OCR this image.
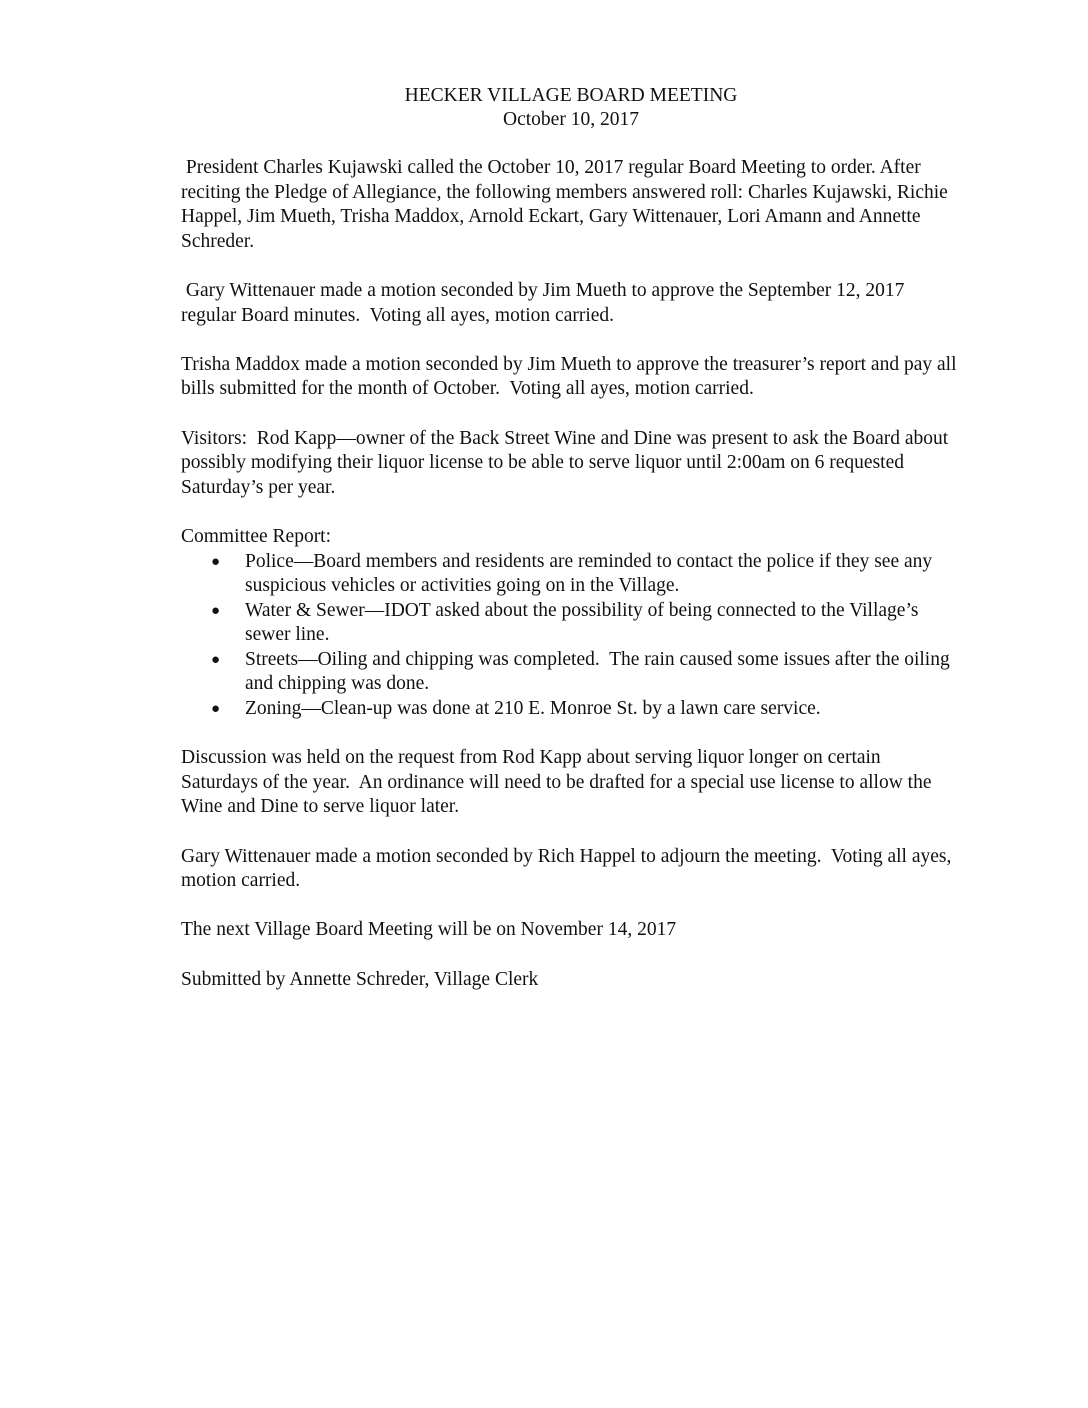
HECKER VILLAGE BOARD MEETING
October 10, 2017

President Charles Kujawski called the October 10, 2017 regular Board Meeting to order. After reciting the Pledge of Allegiance, the following members answered roll: Charles Kujawski, Richie Happel, Jim Mueth, Trisha Maddox, Arnold Eckart, Gary Wittenauer, Lori Amann and Annette Schreder.

Gary Wittenauer made a motion seconded by Jim Mueth to approve the September 12, 2017 regular Board minutes.  Voting all ayes, motion carried.

Trisha Maddox made a motion seconded by Jim Mueth to approve the treasurer’s report and pay all bills submitted for the month of October.  Voting all ayes, motion carried.

Visitors:  Rod Kapp—owner of the Back Street Wine and Dine was present to ask the Board about possibly modifying their liquor license to be able to serve liquor until 2:00am on 6 requested Saturday’s per year.

Committee Report:
● Police—Board members and residents are reminded to contact the police if they see any suspicious vehicles or activities going on in the Village.
● Water & Sewer—IDOT asked about the possibility of being connected to the Village’s sewer line.
● Streets—Oiling and chipping was completed.  The rain caused some issues after the oiling and chipping was done.
● Zoning—Clean-up was done at 210 E. Monroe St. by a lawn care service.

Discussion was held on the request from Rod Kapp about serving liquor longer on certain Saturdays of the year.  An ordinance will need to be drafted for a special use license to allow the Wine and Dine to serve liquor later.

Gary Wittenauer made a motion seconded by Rich Happel to adjourn the meeting.  Voting all ayes, motion carried.

The next Village Board Meeting will be on November 14, 2017

Submitted by Annette Schreder, Village Clerk
